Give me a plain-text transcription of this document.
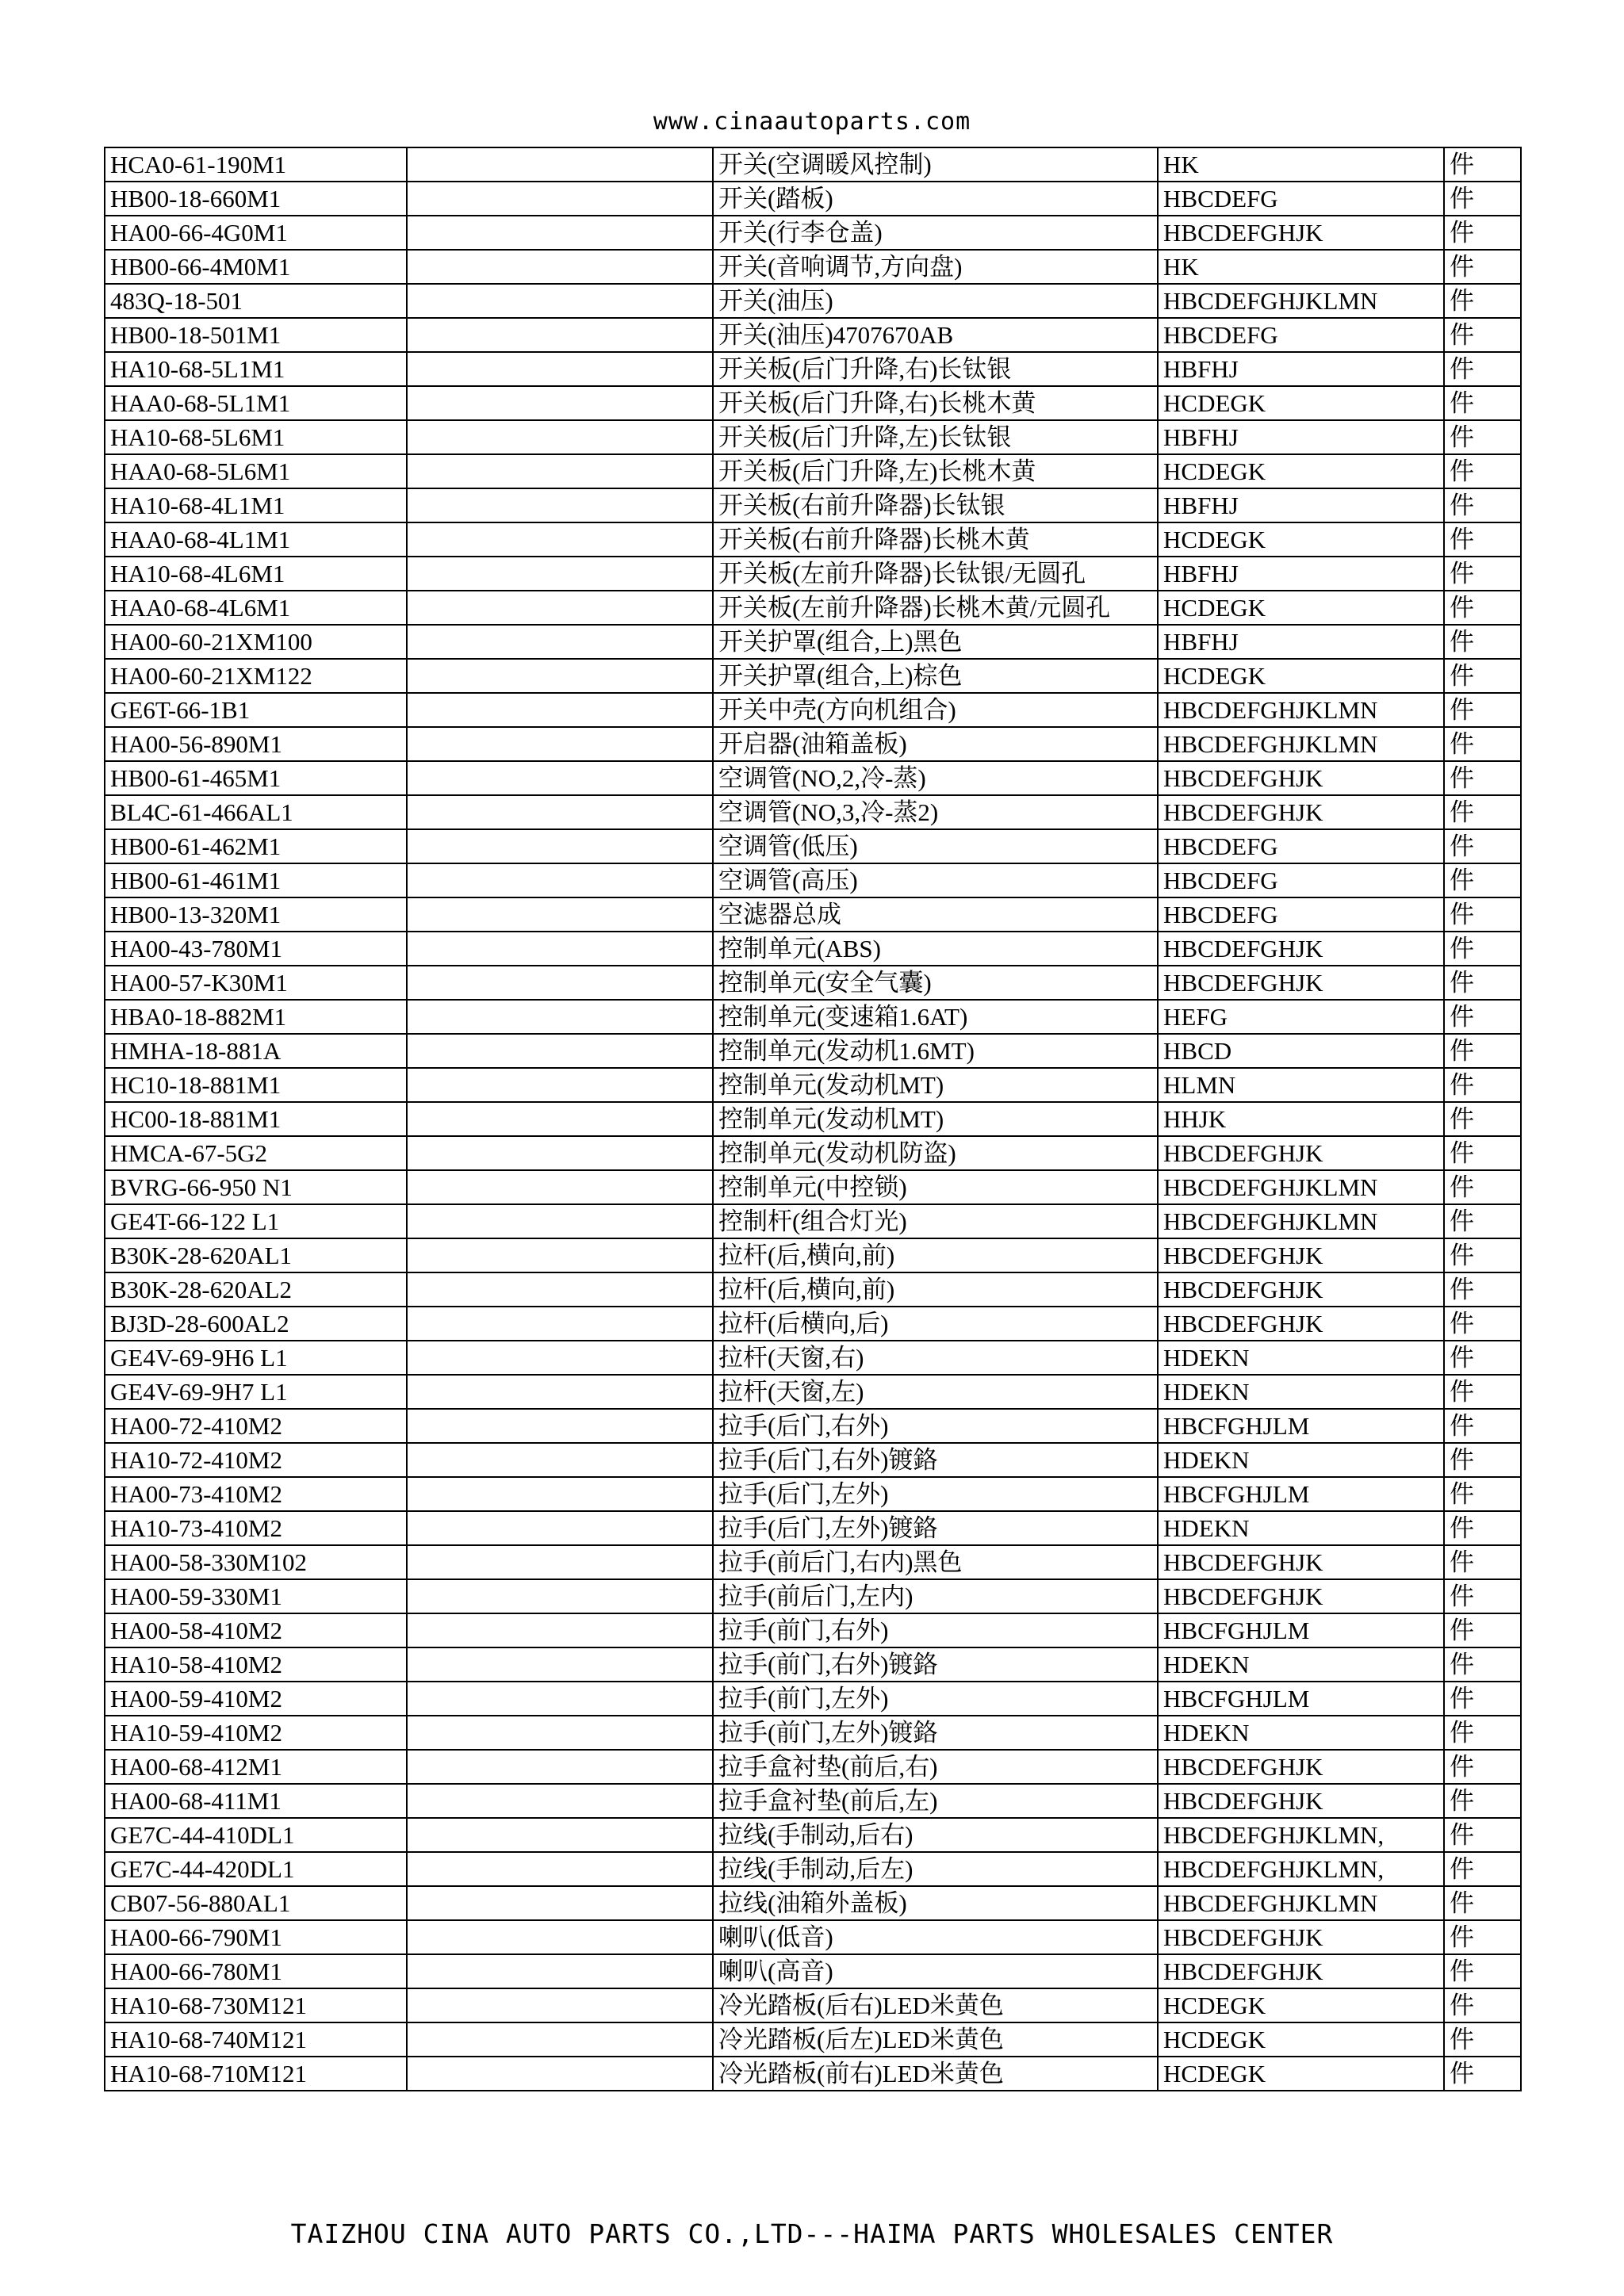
www.cinaautoparts.com
HCA0-61-190M1		开关(空调暖风控制)	HK	件
HB00-18-660M1		开关(踏板)	HBCDEFG	件
HA00-66-4G0M1		开关(行李仓盖)	HBCDEFGHJK	件
HB00-66-4M0M1		开关(音响调节,方向盘)	HK	件
483Q-18-501		开关(油压)	HBCDEFGHJKLMN	件
HB00-18-501M1		开关(油压)4707670AB	HBCDEFG	件
HA10-68-5L1M1		开关板(后门升降,右)长钛银	HBFHJ	件
HAA0-68-5L1M1		开关板(后门升降,右)长桃木黄	HCDEGK	件
HA10-68-5L6M1		开关板(后门升降,左)长钛银	HBFHJ	件
HAA0-68-5L6M1		开关板(后门升降,左)长桃木黄	HCDEGK	件
HA10-68-4L1M1		开关板(右前升降器)长钛银	HBFHJ	件
HAA0-68-4L1M1		开关板(右前升降器)长桃木黄	HCDEGK	件
HA10-68-4L6M1		开关板(左前升降器)长钛银/无圆孔	HBFHJ	件
HAA0-68-4L6M1		开关板(左前升降器)长桃木黄/元圆孔	HCDEGK	件
HA00-60-21XM100		开关护罩(组合,上)黑色	HBFHJ	件
HA00-60-21XM122		开关护罩(组合,上)棕色	HCDEGK	件
GE6T-66-1B1		开关中壳(方向机组合)	HBCDEFGHJKLMN	件
HA00-56-890M1		开启器(油箱盖板)	HBCDEFGHJKLMN	件
HB00-61-465M1		空调管(NO,2,冷-蒸)	HBCDEFGHJK	件
BL4C-61-466AL1		空调管(NO,3,冷-蒸2)	HBCDEFGHJK	件
HB00-61-462M1		空调管(低压)	HBCDEFG	件
HB00-61-461M1		空调管(高压)	HBCDEFG	件
HB00-13-320M1		空滤器总成	HBCDEFG	件
HA00-43-780M1		控制单元(ABS)	HBCDEFGHJK	件
HA00-57-K30M1		控制单元(安全气囊)	HBCDEFGHJK	件
HBA0-18-882M1		控制单元(变速箱1.6AT)	HEFG	件
HMHA-18-881A		控制单元(发动机1.6MT)	HBCD	件
HC10-18-881M1		控制单元(发动机MT)	HLMN	件
HC00-18-881M1		控制单元(发动机MT)	HHJK	件
HMCA-67-5G2		控制单元(发动机防盗)	HBCDEFGHJK	件
BVRG-66-950 N1		控制单元(中控锁)	HBCDEFGHJKLMN	件
GE4T-66-122 L1		控制杆(组合灯光)	HBCDEFGHJKLMN	件
B30K-28-620AL1		拉杆(后,横向,前)	HBCDEFGHJK	件
B30K-28-620AL2		拉杆(后,横向,前)	HBCDEFGHJK	件
BJ3D-28-600AL2		拉杆(后横向,后)	HBCDEFGHJK	件
GE4V-69-9H6 L1		拉杆(天窗,右)	HDEKN	件
GE4V-69-9H7 L1		拉杆(天窗,左)	HDEKN	件
HA00-72-410M2		拉手(后门,右外)	HBCFGHJLM	件
HA10-72-410M2		拉手(后门,右外)镀鉻	HDEKN	件
HA00-73-410M2		拉手(后门,左外)	HBCFGHJLM	件
HA10-73-410M2		拉手(后门,左外)镀鉻	HDEKN	件
HA00-58-330M102		拉手(前后门,右内)黑色	HBCDEFGHJK	件
HA00-59-330M1		拉手(前后门,左内)	HBCDEFGHJK	件
HA00-58-410M2		拉手(前门,右外)	HBCFGHJLM	件
HA10-58-410M2		拉手(前门,右外)镀鉻	HDEKN	件
HA00-59-410M2		拉手(前门,左外)	HBCFGHJLM	件
HA10-59-410M2		拉手(前门,左外)镀鉻	HDEKN	件
HA00-68-412M1		拉手盒衬垫(前后,右)	HBCDEFGHJK	件
HA00-68-411M1		拉手盒衬垫(前后,左)	HBCDEFGHJK	件
GE7C-44-410DL1		拉线(手制动,后右)	HBCDEFGHJKLMN,	件
GE7C-44-420DL1		拉线(手制动,后左)	HBCDEFGHJKLMN,	件
CB07-56-880AL1		拉线(油箱外盖板)	HBCDEFGHJKLMN	件
HA00-66-790M1		喇叭(低音)	HBCDEFGHJK	件
HA00-66-780M1		喇叭(高音)	HBCDEFGHJK	件
HA10-68-730M121		冷光踏板(后右)LED米黄色	HCDEGK	件
HA10-68-740M121		冷光踏板(后左)LED米黄色	HCDEGK	件
HA10-68-710M121		冷光踏板(前右)LED米黄色	HCDEGK	件
TAIZHOU CINA AUTO PARTS CO.,LTD---HAIMA PARTS WHOLESALES CENTER
